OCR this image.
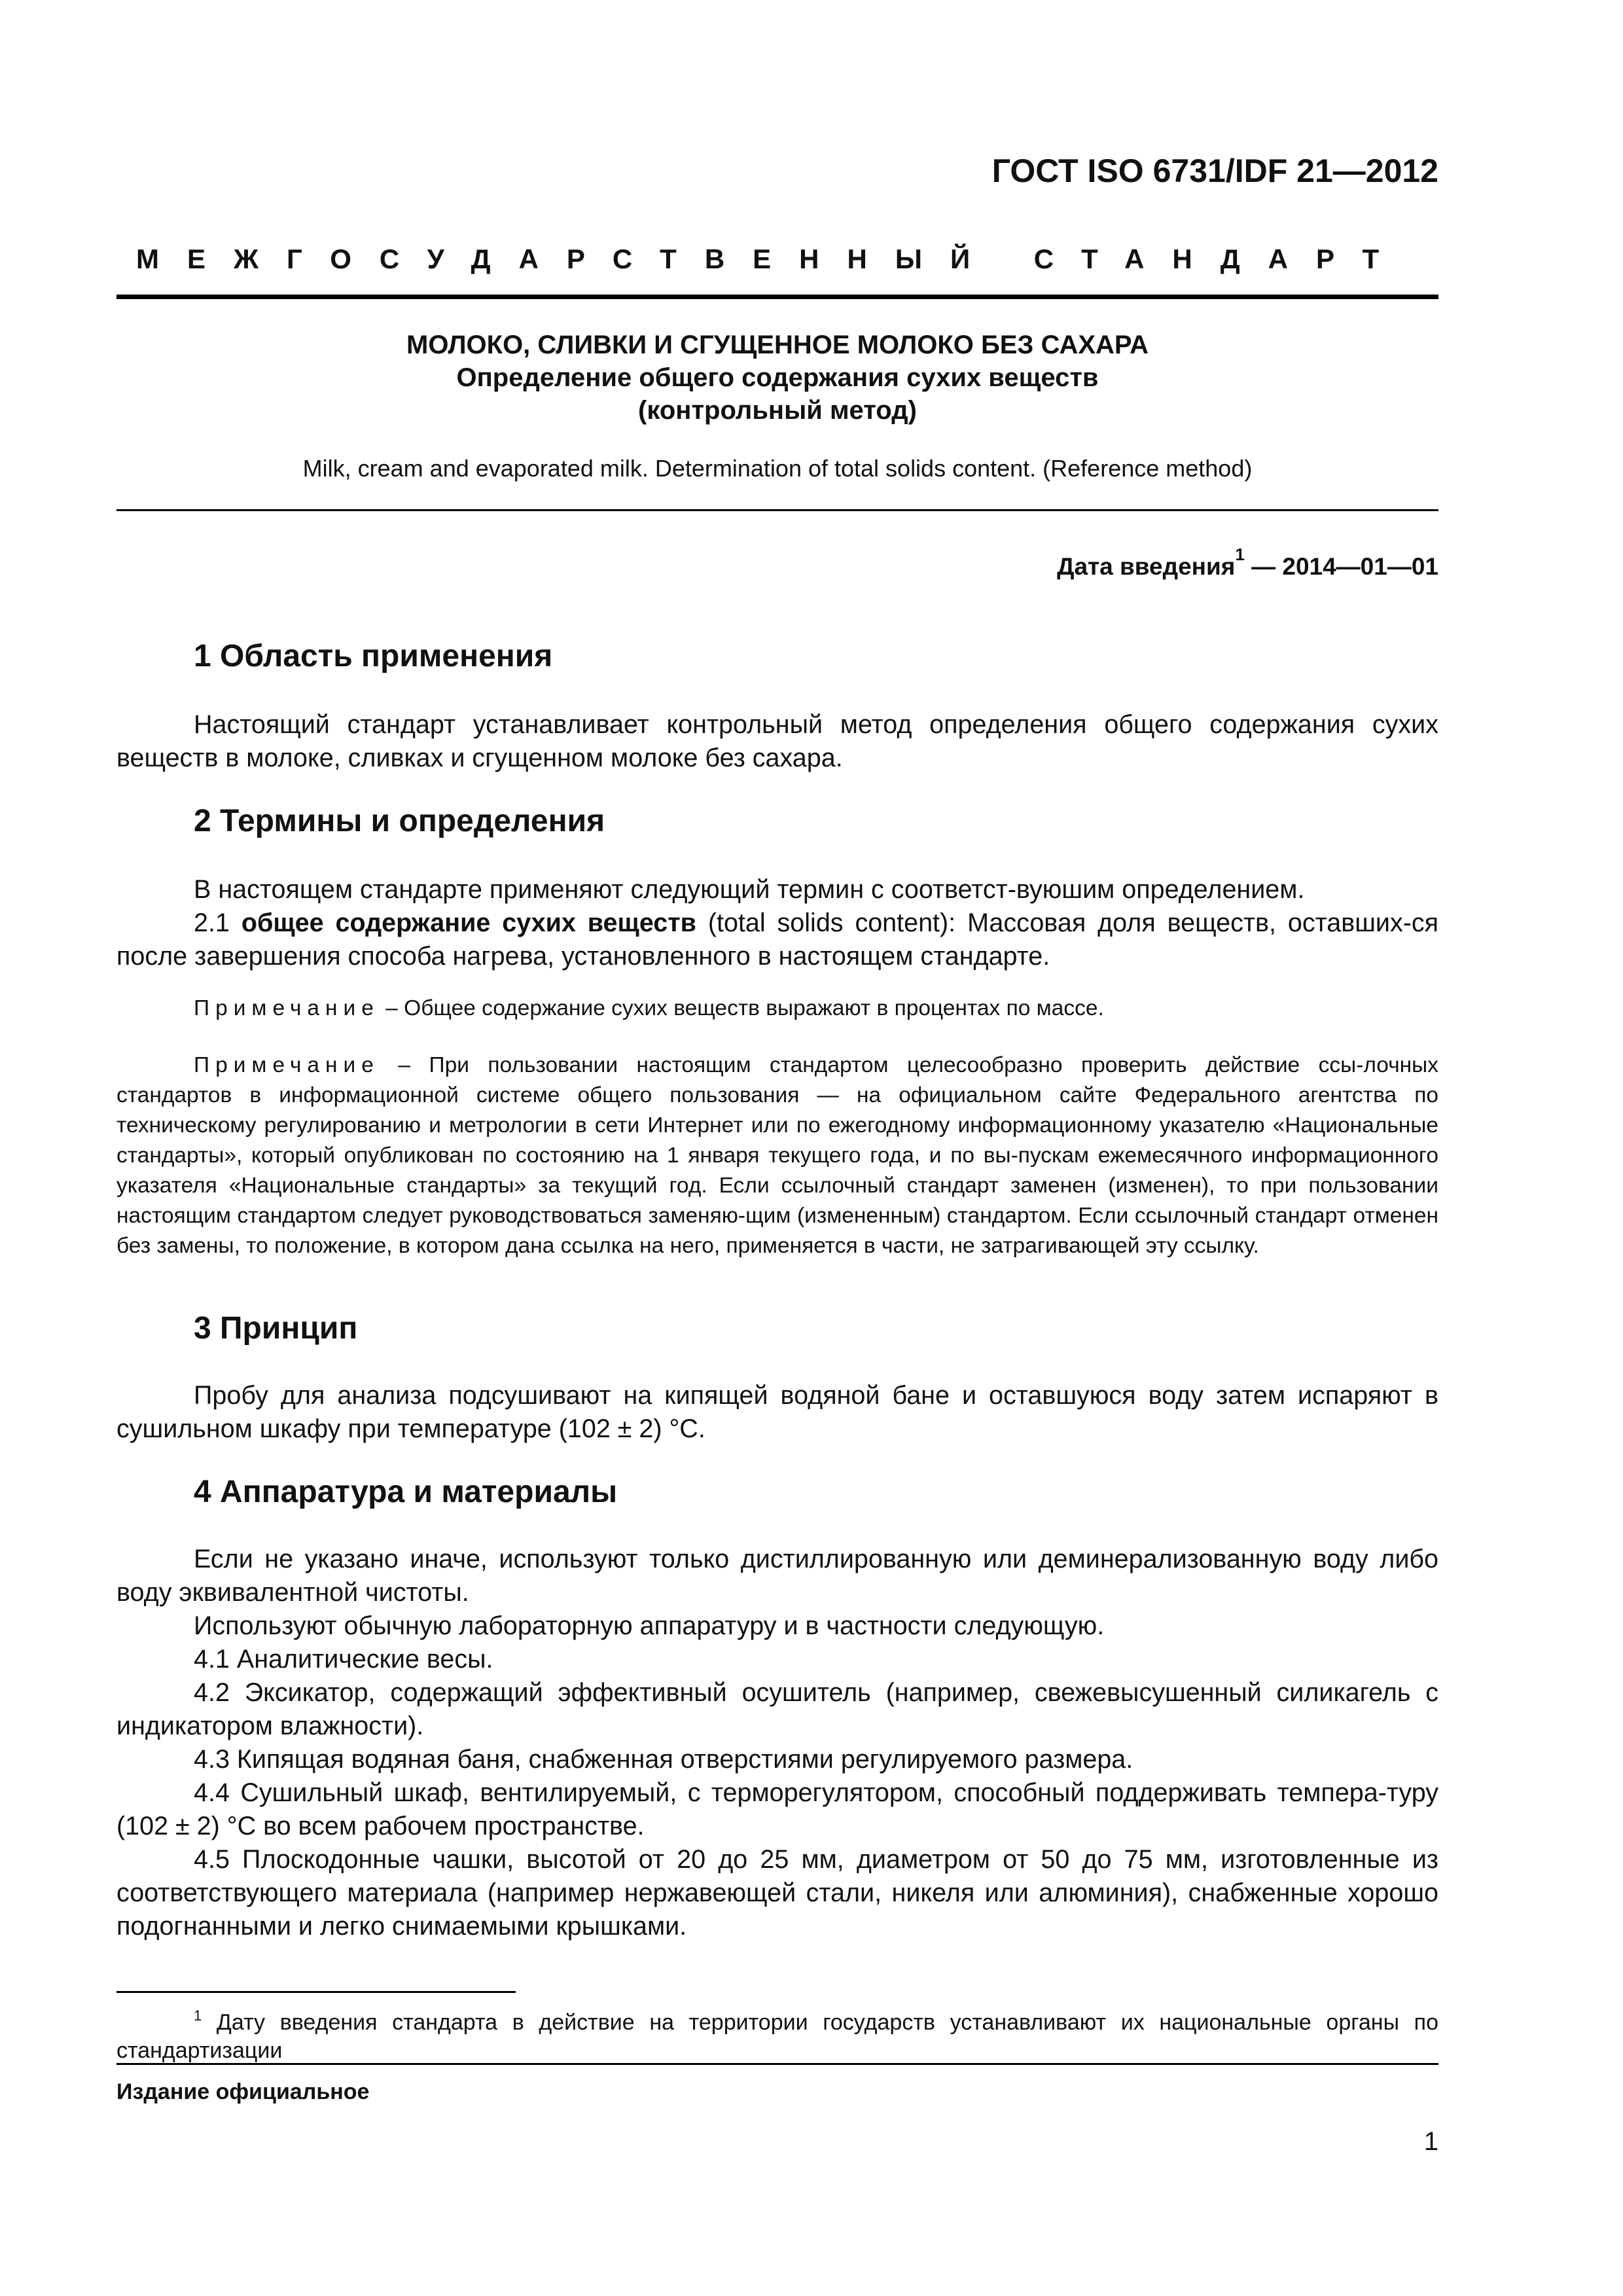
ГОСТ ISO 6731/IDF 21—2012
МЕЖГОСУДАРСТВЕННЫЙ СТАНДАРТ
МОЛОКО, СЛИВКИ И СГУЩЕННОЕ МОЛОКО БЕЗ САХАРА
Определение общего содержания сухих веществ
(контрольный метод)
Milk, cream and evaporated milk. Determination of total solids content. (Reference method)
Дата введения$^1$ — 2014—01—01
1 Область применения

Настоящий стандарт устанавливает контрольный метод определения общего содержания сухих веществ в молоке, сливках и сгущенном молоке без сахара.

2 Термины и определения

В настоящем стандарте применяют следующий термин с соответст-вуюшим определением.

2.1 общее содержание сухих веществ (total solids content): Массовая доля веществ, оставших-ся после завершения способа нагрева, установленного в настоящем стандарте.

Примечание – Общее содержание сухих веществ выражают в процентах по массе.

Примечание – При пользовании настоящим стандартом целесообразно проверить действие ссы-лочных стандартов в информационной системе общего пользования — на официальном сайте Федерального агентства по техническому регулированию и метрологии в сети Интернет или по ежегодному информационному указателю «Национальные стандарты», который опубликован по состоянию на 1 января текущего года, и по вы-пускам ежемесячного информационного указателя «Национальные стандарты» за текущий год. Если ссылочный стандарт заменен (изменен), то при пользовании настоящим стандартом следует руководствоваться заменяю-щим (измененным) стандартом. Если ссылочный стандарт отменен без замены, то положение, в котором дана ссылка на него, применяется в части, не затрагивающей эту ссылку.

3 Принцип

Пробу для анализа подсушивают на кипящей водяной бане и оставшуюся воду затем испаряют в сушильном шкафу при температуре (102 ± 2) °С.

4 Аппаратура и материалы

Если не указано иначе, используют только дистиллированную или деминерализованную воду либо воду эквивалентной чистоты.

Используют обычную лабораторную аппаратуру и в частности следующую.

4.1 Аналитические весы.

4.2 Эксикатор, содержащий эффективный осушитель (например, свежевысушенный силикагель с индикатором влажности).

4.3 Кипящая водяная баня, снабженная отверстиями регулируемого размера.

4.4 Сушильный шкаф, вентилируемый, с терморегулятором, способный поддерживать темпера-туру (102 ± 2) °С во всем рабочем пространстве.

4.5 Плоскодонные чашки, высотой от 20 до 25 мм, диаметром от 50 до 75 мм, изготовленные из соответствующего материала (например нержавеющей стали, никеля или алюминия), снабженные хорошо подогнанными и легко снимаемыми крышками.

$^1$ Дату введения стандарта в действие на территории государств устанавливают их национальные органы по стандартизации

Издание официальное
1
